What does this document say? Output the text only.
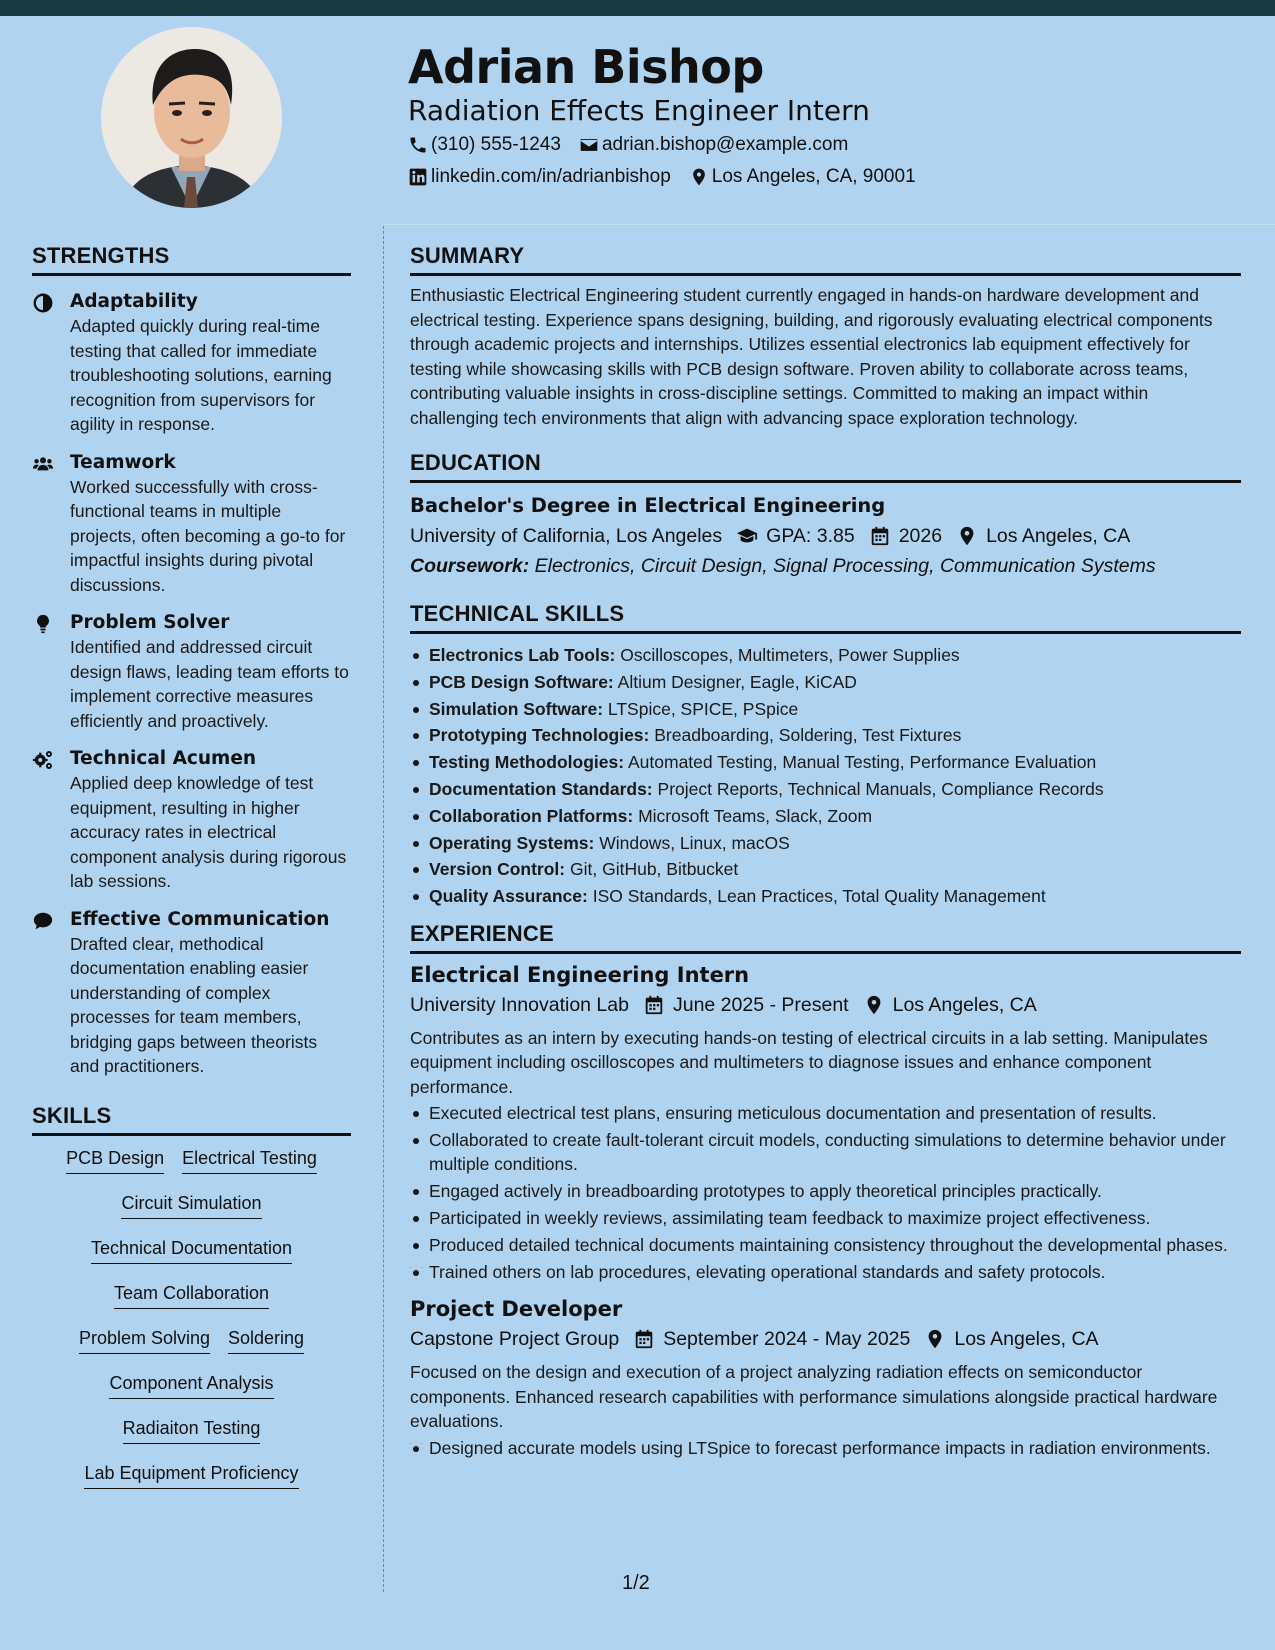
Adrian Bishop
Radiation Effects Engineer Intern
(310) 555-1243 adrian.bishop@example.com
linkedin.com/in/adrianbishop Los Angeles, CA, 90001
STRENGTHS
Adaptability
Adapted quickly during real-time testing that called for immediate troubleshooting solutions, earning recognition from supervisors for agility in response.
Teamwork
Worked successfully with cross-functional teams in multiple projects, often becoming a go-to for impactful insights during pivotal discussions.
Problem Solver
Identified and addressed circuit design flaws, leading team efforts to implement corrective measures efficiently and proactively.
Technical Acumen
Applied deep knowledge of test equipment, resulting in higher accuracy rates in electrical component analysis during rigorous lab sessions.
Effective Communication
Drafted clear, methodical documentation enabling easier understanding of complex processes for team members, bridging gaps between theorists and practitioners.
SKILLS
PCB Design Electrical Testing
Circuit Simulation
Technical Documentation
Team Collaboration
Problem Solving Soldering
Component Analysis
Radiaiton Testing
Lab Equipment Proficiency
SUMMARY
Enthusiastic Electrical Engineering student currently engaged in hands-on hardware development and electrical testing. Experience spans designing, building, and rigorously evaluating electrical components through academic projects and internships. Utilizes essential electronics lab equipment effectively for testing while showcasing skills with PCB design software. Proven ability to collaborate across teams, contributing valuable insights in cross-discipline settings. Committed to making an impact within challenging tech environments that align with advancing space exploration technology.
EDUCATION
Bachelor's Degree in Electrical Engineering
University of California, Los Angeles GPA: 3.85 2026 Los Angeles, CA
Coursework: Electronics, Circuit Design, Signal Processing, Communication Systems
TECHNICAL SKILLS
Electronics Lab Tools: Oscilloscopes, Multimeters, Power Supplies
PCB Design Software: Altium Designer, Eagle, KiCAD
Simulation Software: LTSpice, SPICE, PSpice
Prototyping Technologies: Breadboarding, Soldering, Test Fixtures
Testing Methodologies: Automated Testing, Manual Testing, Performance Evaluation
Documentation Standards: Project Reports, Technical Manuals, Compliance Records
Collaboration Platforms: Microsoft Teams, Slack, Zoom
Operating Systems: Windows, Linux, macOS
Version Control: Git, GitHub, Bitbucket
Quality Assurance: ISO Standards, Lean Practices, Total Quality Management
EXPERIENCE
Electrical Engineering Intern
University Innovation Lab June 2025 - Present Los Angeles, CA
Contributes as an intern by executing hands-on testing of electrical circuits in a lab setting. Manipulates equipment including oscilloscopes and multimeters to diagnose issues and enhance component performance.
Executed electrical test plans, ensuring meticulous documentation and presentation of results.
Collaborated to create fault-tolerant circuit models, conducting simulations to determine behavior under multiple conditions.
Engaged actively in breadboarding prototypes to apply theoretical principles practically.
Participated in weekly reviews, assimilating team feedback to maximize project effectiveness.
Produced detailed technical documents maintaining consistency throughout the developmental phases.
Trained others on lab procedures, elevating operational standards and safety protocols.
Project Developer
Capstone Project Group September 2024 - May 2025 Los Angeles, CA
Focused on the design and execution of a project analyzing radiation effects on semiconductor components. Enhanced research capabilities with performance simulations alongside practical hardware evaluations.
Designed accurate models using LTSpice to forecast performance impacts in radiation environments.
1/2
